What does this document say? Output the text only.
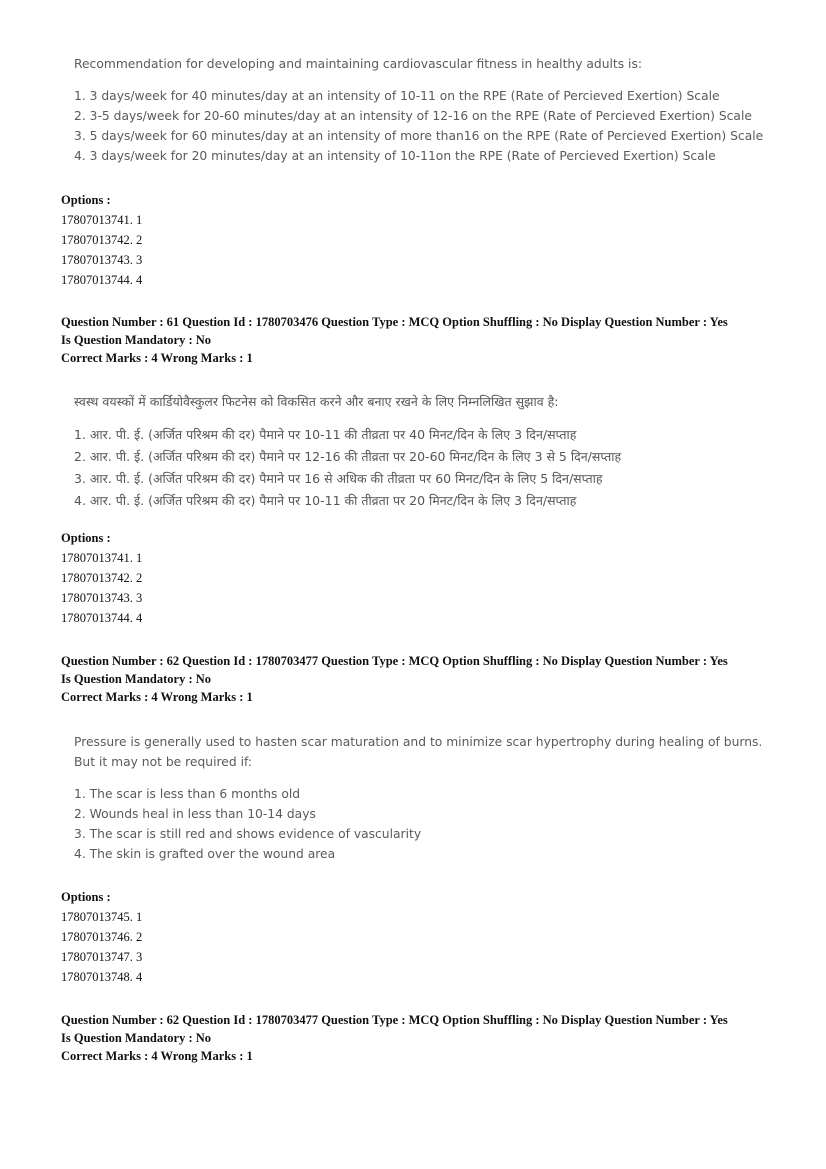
Recommendation for developing and maintaining cardiovascular fitness in healthy adults is:

1. 3 days/week for 40 minutes/day at an intensity of 10-11 on the RPE (Rate of Percieved Exertion) Scale
2. 3-5 days/week for 20-60 minutes/day at an intensity of 12-16 on the RPE (Rate of Percieved Exertion) Scale
3. 5 days/week for 60 minutes/day at an intensity of more than16 on the RPE (Rate of Percieved Exertion) Scale
4. 3 days/week for 20 minutes/day at an intensity of 10-11on the RPE (Rate of Percieved Exertion) Scale
Options :
17807013741. 1
17807013742. 2
17807013743. 3
17807013744. 4
Question Number : 61 Question Id : 1780703476 Question Type : MCQ Option Shuffling : No Display Question Number : Yes
Is Question Mandatory : No
Correct Marks : 4 Wrong Marks : 1

स्वस्थ वयस्कों में कार्डियोवैस्कुलर फिटनेस को विकसित करने और बनाए रखने के लिए निम्नलिखित सुझाव है:

1. आर. पी. ई. (अर्जित परिश्रम की दर) पैमाने पर 10-11 की तीव्रता पर 40 मिनट/दिन के लिए 3 दिन/सप्ताह
2. आर. पी. ई. (अर्जित परिश्रम की दर) पैमाने पर 12-16 की तीव्रता पर 20-60 मिनट/दिन के लिए 3 से 5 दिन/सप्ताह
3. आर. पी. ई. (अर्जित परिश्रम की दर) पैमाने पर 16 से अधिक की तीव्रता पर 60 मिनट/दिन के लिए 5 दिन/सप्ताह
4. आर. पी. ई. (अर्जित परिश्रम की दर) पैमाने पर 10-11 की तीव्रता पर 20 मिनट/दिन के लिए 3 दिन/सप्ताह
Options :
17807013741. 1
17807013742. 2
17807013743. 3
17807013744. 4
Question Number : 62 Question Id : 1780703477 Question Type : MCQ Option Shuffling : No Display Question Number : Yes
Is Question Mandatory : No
Correct Marks : 4 Wrong Marks : 1

Pressure is generally used to hasten scar maturation and to minimize scar hypertrophy during healing of burns. But it may not be required if:

1. The scar is less than 6 months old
2. Wounds heal in less than 10-14 days
3. The scar is still red and shows evidence of vascularity
4. The skin is grafted over the wound area
Options :
17807013745. 1
17807013746. 2
17807013747. 3
17807013748. 4
Question Number : 62 Question Id : 1780703477 Question Type : MCQ Option Shuffling : No Display Question Number : Yes
Is Question Mandatory : No
Correct Marks : 4 Wrong Marks : 1
